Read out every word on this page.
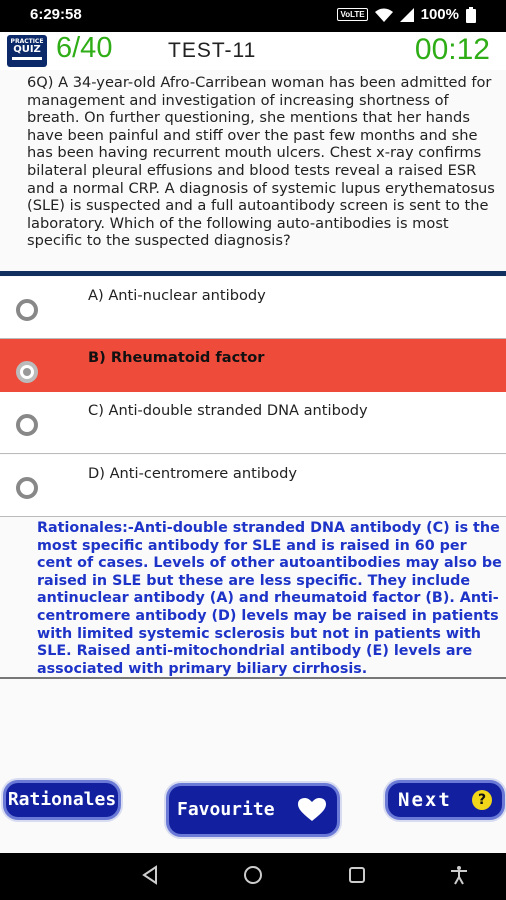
6:29:58	VoLTE	100%
PRACTICE
QUIZ 6/40	TEST-11	00:12
6Q) A 34-year-old Afro-Carribean woman has been admitted for management and investigation of increasing shortness of breath. On further questioning, she mentions that her hands have been painful and stiff over the past few months and she has been having recurrent mouth ulcers. Chest x-ray confirms bilateral pleural effusions and blood tests reveal a raised ESR and a normal CRP. A diagnosis of systemic lupus erythematosus (SLE) is suspected and a full autoantibody screen is sent to the laboratory. Which of the following auto-antibodies is most specific to the suspected diagnosis?
A) Anti-nuclear antibody
B) Rheumatoid factor
C) Anti-double stranded DNA antibody
D) Anti-centromere antibody
Rationales:-Anti-double stranded DNA antibody (C) is the most specific antibody for SLE and is raised in 60 per cent of cases. Levels of other autoantibodies may also be raised in SLE but these are less specific. They include antinuclear antibody (A) and rheumatoid factor (B). Anti-centromere antibody (D) levels may be raised in patients with limited systemic sclerosis but not in patients with SLE. Raised anti-mitochondrial antibody (E) levels are associated with primary biliary cirrhosis.
Rationales	Favourite	Next	?
